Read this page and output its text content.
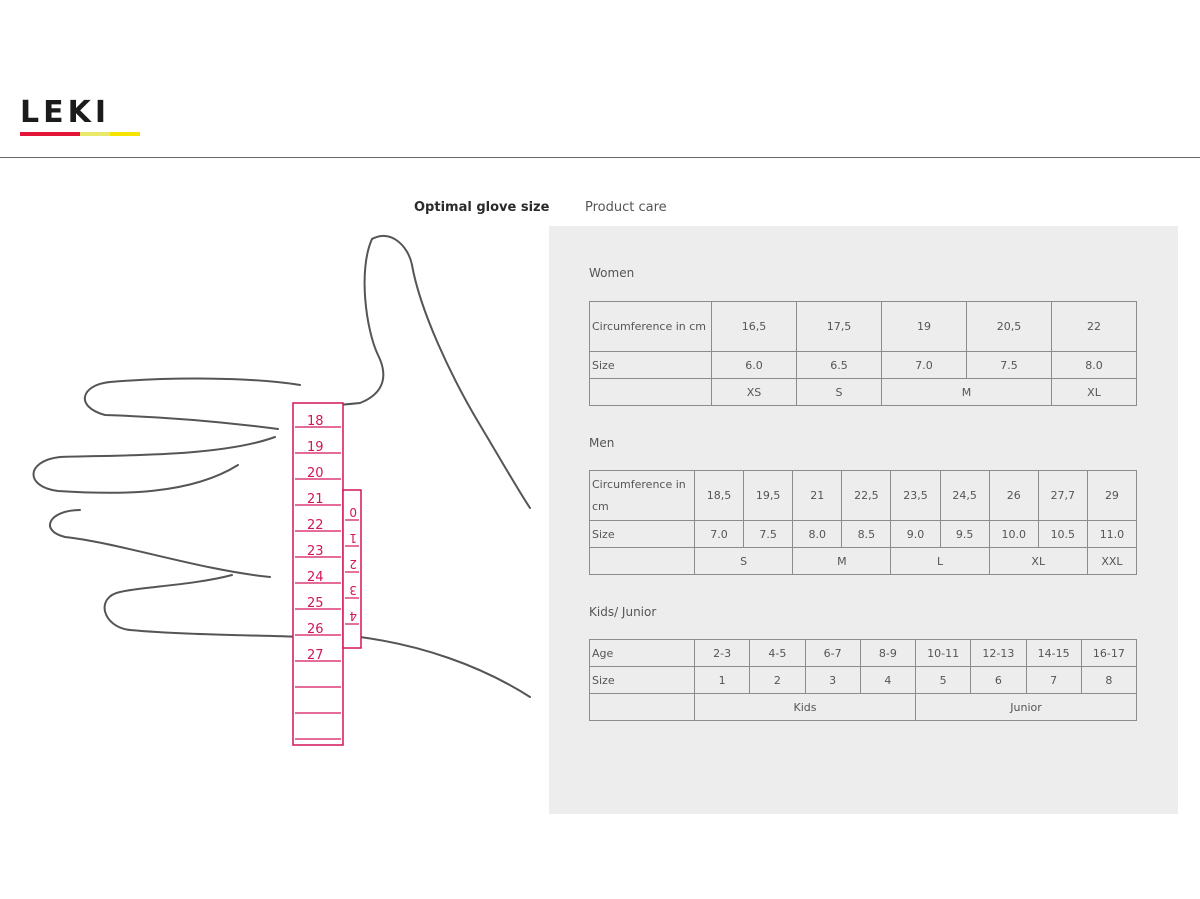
LEKI
Optimal glove size	Product care
18
19
20
21
22
23
24
25
26
27
0
1
2
3
4
Women
Circumference in cm	16,5	17,5	19	20,5	22
Size	6.0	6.5	7.0	7.5	8.0
	XS	S	M		XL
Men
Circumference in cm	18,5	19,5	21	22,5	23,5	24,5	26	27,7	29
Size	7.0	7.5	8.0	8.5	9.0	9.5	10.0	10.5	11.0
	S		M		L		XL		XXL
Kids/ Junior
Age	2-3	4-5	6-7	8-9	10-11	12-13	14-15	16-17
Size	1	2	3	4	5	6	7	8
	Kids				Junior			
